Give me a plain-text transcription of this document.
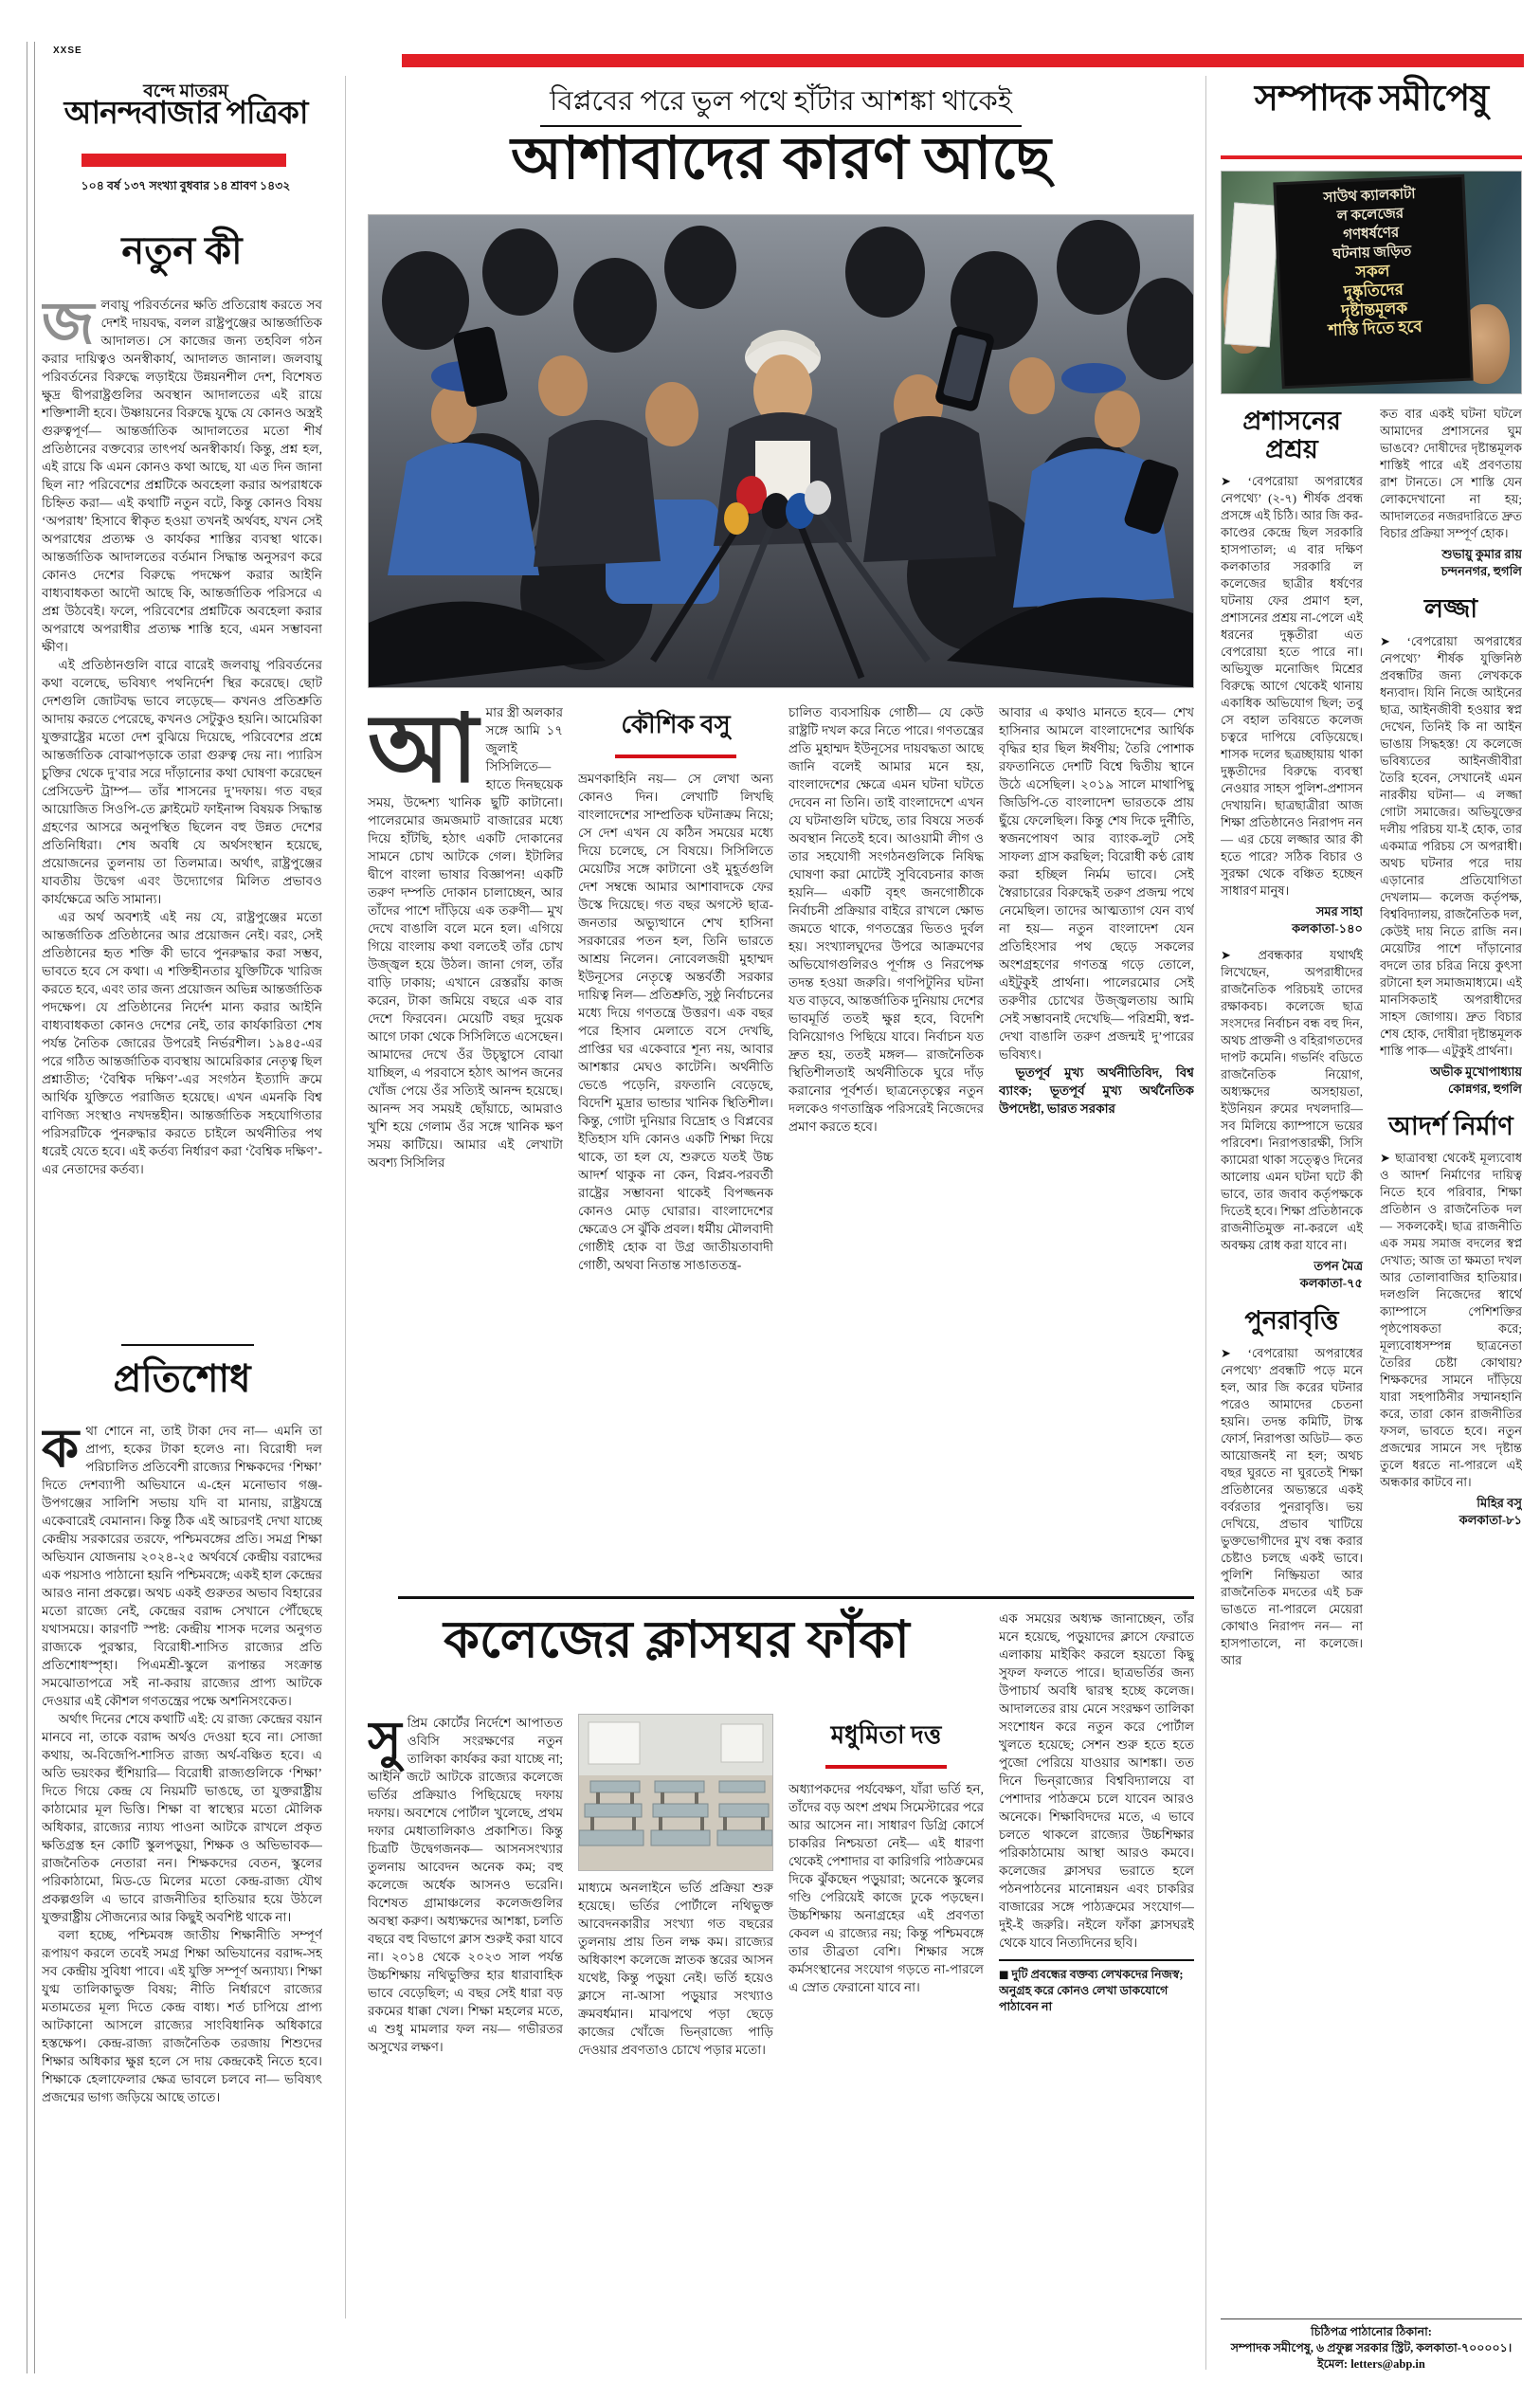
XXSE
বন্দে মাতরম্
আনন্দবাজার পত্রিকা
১০৪ বর্ষ ১৩৭ সংখ্যা বুধবার ১৪ শ্রাবণ ১৪৩২
নতুন কী

জলবায়ু পরিবর্তনের ক্ষতি প্রতিরোধ করতে সব দেশই দায়বদ্ধ, বলল রাষ্ট্রপুঞ্জের আন্তর্জাতিক আদালত। সে কাজের জন্য তহবিল গঠন করার দায়িত্বও অনস্বীকার্য, আদালত জানাল। জলবায়ু পরিবর্তনের বিরুদ্ধে লড়াইয়ে উন্নয়নশীল দেশ, বিশেষত ক্ষুদ্র দ্বীপরাষ্ট্রগুলির অবস্থান আদালতের এই রায়ে শক্তিশালী হবে। উষ্ণায়নের বিরুদ্ধে যুদ্ধে যে কোনও অস্ত্রই গুরুত্বপূর্ণ— আন্তর্জাতিক আদালতের মতো শীর্ষ প্রতিষ্ঠানের বক্তব্যের তাৎপর্য অনস্বীকার্য। কিন্তু, প্রশ্ন হল, এই রায়ে কি এমন কোনও কথা আছে, যা এত দিন জানা ছিল না? পরিবেশের প্রশ্নটিকে অবহেলা করার অপরাধকে চিহ্নিত করা— এই কথাটি নতুন বটে, কিন্তু কোনও বিষয় ‘অপরাধ’ হিসাবে স্বীকৃত হওয়া তখনই অর্থবহ, যখন সেই অপরাধের প্রত্যক্ষ ও কার্যকর শাস্তির ব্যবস্থা থাকে। আন্তর্জাতিক আদালতের বর্তমান সিদ্ধান্ত অনুসরণ করে কোনও দেশের বিরুদ্ধে পদক্ষেপ করার আইনি বাধ্যবাধকতা আদৌ আছে কি, আন্তর্জাতিক পরিসরে এ প্রশ্ন উঠবেই। ফলে, পরিবেশের প্রশ্নটিকে অবহেলা করার অপরাধে অপরাধীর প্রত্যক্ষ শাস্তি হবে, এমন সম্ভাবনা ক্ষীণ।

এই প্রতিষ্ঠানগুলি বারে বারেই জলবায়ু পরিবর্তনের কথা বলেছে, ভবিষ্যৎ পথনির্দেশ স্থির করেছে। ছোট দেশগুলি জোটবদ্ধ ভাবে লড়েছে— কখনও প্রতিশ্রুতি আদায় করতে পেরেছে, কখনও সেটুকুও হয়নি। আমেরিকা যুক্তরাষ্ট্রের মতো দেশ বুঝিয়ে দিয়েছে, পরিবেশের প্রশ্নে আন্তর্জাতিক বোঝাপড়াকে তারা গুরুত্ব দেয় না। প্যারিস চুক্তির থেকে দু’বার সরে দাঁড়ানোর কথা ঘোষণা করেছেন প্রেসিডেন্ট ট্রাম্প— তাঁর শাসনের দু’দফায়। গত বছর আয়োজিত সিওপি-তে ক্লাইমেট ফাইনান্স বিষয়ক সিদ্ধান্ত গ্রহণের আসরে অনুপস্থিত ছিলেন বহু উন্নত দেশের প্রতিনিধিরা। শেষ অবধি যে অর্থসংস্থান হয়েছে, প্রয়োজনের তুলনায় তা তিলমাত্র। অর্থাৎ, রাষ্ট্রপুঞ্জের যাবতীয় উদ্বেগ এবং উদ্যোগের মিলিত প্রভাবও কার্যক্ষেত্রে অতি সামান্য।

এর অর্থ অবশ্যই এই নয় যে, রাষ্ট্রপুঞ্জের মতো আন্তর্জাতিক প্রতিষ্ঠানের আর প্রয়োজন নেই। বরং, সেই প্রতিষ্ঠানের হৃত শক্তি কী ভাবে পুনরুদ্ধার করা সম্ভব, ভাবতে হবে সে কথা। এ শক্তিহীনতার যুক্তিটিকে খারিজ করতে হবে, এবং তার জন্য প্রয়োজন অভিন্ন আন্তর্জাতিক পদক্ষেপ। যে প্রতিষ্ঠানের নির্দেশ মান্য করার আইনি বাধ্যবাধকতা কোনও দেশের নেই, তার কার্যকারিতা শেষ পর্যন্ত নৈতিক জোরের উপরেই নির্ভরশীল। ১৯৪৫-এর পরে গঠিত আন্তর্জাতিক ব্যবস্থায় আমেরিকার নেতৃত্ব ছিল প্রশ্নাতীত; ‘বৈশ্বিক দক্ষিণ’-এর সংগঠন ইত্যাদি ক্রমে আর্থিক যুক্তিতে পরাজিত হয়েছে। এখন এমনকি বিশ্ব বাণিজ্য সংস্থাও নখদন্তহীন। আন্তর্জাতিক সহযোগিতার পরিসরটিকে পুনরুদ্ধার করতে চাইলে অর্থনীতির পথ ধরেই যেতে হবে। এই কর্তব্য নির্ধারণ করা ‘বৈশ্বিক দক্ষিণ’-এর নেতাদের কর্তব্য।

প্রতিশোধ

কথা শোনে না, তাই টাকা দেব না— এমনি তা প্রাপ্য, হকের টাকা হলেও না। বিরোধী দল পরিচালিত প্রতিবেশী রাজ্যের শিক্ষকদের ‘শিক্ষা’ দিতে দেশব্যাপী অভিযানে এ-হেন মনোভাব গঞ্জ-উপগঞ্জের সালিশি সভায় যদি বা মানায়, রাষ্ট্রযন্ত্রে একেবারেই বেমানান। কিন্তু ঠিক এই আচরণই দেখা যাচ্ছে কেন্দ্রীয় সরকারের তরফে, পশ্চিমবঙ্গের প্রতি। সমগ্র শিক্ষা অভিযান যোজনায় ২০২৪-২৫ অর্থবর্ষে কেন্দ্রীয় বরাদ্দের এক পয়সাও পাঠানো হয়নি পশ্চিমবঙ্গে; একই হাল কেন্দ্রের আরও নানা প্রকল্পে। অথচ একই গুরুতর অভাব বিহারের মতো রাজ্যে নেই, কেন্দ্রের বরাদ্দ সেখানে পৌঁছেছে যথাসময়ে। কারণটি স্পষ্ট: কেন্দ্রীয় শাসক দলের অনুগত রাজ্যকে পুরস্কার, বিরোধী-শাসিত রাজ্যের প্রতি প্রতিশোধস্পৃহা। পিএমশ্রী-স্কুলে রূপান্তর সংক্রান্ত সমঝোতাপত্রে সই না-করায় রাজ্যের প্রাপ্য আটকে দেওয়ার এই কৌশল গণতন্ত্রের পক্ষে অশনিসংকেত।

অর্থাৎ দিনের শেষে কথাটি এই: যে রাজ্য কেন্দ্রের বয়ান মানবে না, তাকে বরাদ্দ অর্থও দেওয়া হবে না। সোজা কথায়, অ-বিজেপি-শাসিত রাজ্য অর্থ-বঞ্চিত হবে। এ অতি ভয়ংকর হুঁশিয়ারি— বিরোধী রাজ্যগুলিকে ‘শিক্ষা’ দিতে গিয়ে কেন্দ্র যে নিয়মটি ভাঙছে, তা যুক্তরাষ্ট্রীয় কাঠামোর মূল ভিত্তি। শিক্ষা বা স্বাস্থ্যের মতো মৌলিক অধিকার, রাজ্যের ন্যায্য পাওনা আটকে রাখলে প্রকৃত ক্ষতিগ্রস্ত হন কোটি স্কুলপড়ুয়া, শিক্ষক ও অভিভাবক— রাজনৈতিক নেতারা নন। শিক্ষকদের বেতন, স্কুলের পরিকাঠামো, মিড-ডে মিলের মতো কেন্দ্র-রাজ্য যৌথ প্রকল্পগুলি এ ভাবে রাজনীতির হাতিয়ার হয়ে উঠলে যুক্তরাষ্ট্রীয় সৌজন্যের আর কিছুই অবশিষ্ট থাকে না।

বলা হচ্ছে, পশ্চিমবঙ্গ জাতীয় শিক্ষানীতি সম্পূর্ণ রূপায়ণ করলে তবেই সমগ্র শিক্ষা অভিযানের বরাদ্দ-সহ সব কেন্দ্রীয় সুবিধা পাবে। এই যুক্তি সম্পূর্ণ অন্যায্য। শিক্ষা যুগ্ম তালিকাভুক্ত বিষয়; নীতি নির্ধারণে রাজ্যের মতামতের মূল্য দিতে কেন্দ্র বাধ্য। শর্ত চাপিয়ে প্রাপ্য আটকানো আসলে রাজ্যের সাংবিধানিক অধিকারে হস্তক্ষেপ। কেন্দ্র-রাজ্য রাজনৈতিক তরজায় শিশুদের শিক্ষার অধিকার ক্ষুণ্ণ হলে সে দায় কেন্দ্রকেই নিতে হবে। শিক্ষাকে হেলাফেলার ক্ষেত্র ভাবলে চলবে না— ভবিষ্যৎ প্রজন্মের ভাগ্য জড়িয়ে আছে তাতে।

বিপ্লবের পরে ভুল পথে হাঁটার আশঙ্কা থাকেই
আশাবাদের কারণ আছে

আমার স্ত্রী অলকার সঙ্গে আমি ১৭ জুলাই সিসিলিতে— হাতে দিনছয়েক সময়, উদ্দেশ্য খানিক ছুটি কাটানো। পালেরমোর জমজমাট বাজারের মধ্যে দিয়ে হাঁটছি, হঠাৎ একটি দোকানের সামনে চোখ আটকে গেল। ইটালির দ্বীপে বাংলা ভাষার বিজ্ঞাপন! একটি তরুণ দম্পতি দোকান চালাচ্ছেন, আর তাঁদের পাশে দাঁড়িয়ে এক তরুণী— মুখ দেখে বাঙালি বলে মনে হল। এগিয়ে গিয়ে বাংলায় কথা বলতেই তাঁর চোখ উজ্জ্বল হয়ে উঠল। জানা গেল, তাঁর বাড়ি ঢাকায়; এখানে রেস্তরাঁয় কাজ করেন, টাকা জমিয়ে বছরে এক বার দেশে ফিরবেন। মেয়েটি বছর দুয়েক আগে ঢাকা থেকে সিসিলিতে এসেছেন। আমাদ‌ের দেখে ওঁর উচ্ছ্বাসে বোঝা যাচ্ছিল, এ পরবাসে হঠাৎ আপন জনের খোঁজ পেয়ে ওঁর সত্যিই আনন্দ হয়েছে। আনন্দ সব সময়ই ছোঁয়াচে, আমরাও খুশি হয়ে গেলাম ওঁর সঙ্গে খানিক ক্ষণ সময় কাটিয়ে। আমার এই লেখাটা অবশ্য সিসিলির

কৌশিক বসু

ভ্রমণকাহিনি নয়— সে লেখা অন্য কোনও দিন। লেখাটি লিখছি বাংলাদেশের সাম্প্রতিক ঘটনাক্রম নিয়ে; সে দেশ এখন যে কঠিন সময়ের মধ্যে দিয়ে চলেছে, সে বিষয়ে। সিসিলিতে মেয়েটির সঙ্গে কাটানো ওই মুহূর্তগুলি দেশ সম্বন্ধে আমার আশাবাদকে ফের উস্কে দিয়েছে। গত বছর অগস্টে ছাত্র-জনতার অভ্যুত্থানে শেখ হাসিনা সরকারের পতন হল, তিনি ভারতে আশ্রয় নিলেন। নোবেলজয়ী মুহাম্মদ ইউনূসের নেতৃত্বে অন্তর্বর্তী সরকার দায়িত্ব নিল— প্রতিশ্রুতি, সুষ্ঠু নির্বাচনের মধ্যে দিয়ে গণতন্ত্রে উত্তরণ। এক বছর পরে হিসাব মেলাতে বসে দেখছি, প্রাপ্তির ঘর একেবারে শূন্য নয়, আবার আশঙ্কার মেঘও কাটেনি। অর্থনীতি ভেঙে পড়েনি, রফতানি বেড়েছে, বিদেশি মুদ্রার ভান্ডার খানিক স্থিতিশীল। কিন্তু, গোটা দুনিয়ার বিদ্রোহ ও বিপ্লবের ইতিহাস যদি কোনও একটি শিক্ষা দিয়ে থাকে, তা হল যে, শুরুতে যতই উচ্চ আদর্শ থাকুক না কেন, বিপ্লব-পরবর্তী রাষ্ট্রের সম্ভাবনা থাকেই বিপজ্জনক কোনও মোড় ঘোরার। বাংলাদেশের ক্ষেত্রেও সে ঝুঁকি প্রবল। ধর্মীয় মৌলবাদী গোষ্ঠীই হোক বা উগ্র জাতীয়তাবাদী গোষ্ঠী, অথবা নিতান্ত সাঙাততন্ত্র-

চালিত ব্যবসায়িক গোষ্ঠী— যে কেউ রাষ্ট্রটি দখল করে নিতে পারে। গণতন্ত্রের প্রতি মুহাম্মদ ইউনূসের দায়বদ্ধতা আছে জানি বলেই আমার মনে হয়, বাংলাদেশের ক্ষেত্রে এমন ঘটনা ঘটতে দেবেন না তিনি। তাই বাংলাদেশে এখন যে ঘটনাগুলি ঘটছে, তার বিষয়ে সতর্ক অবস্থান নিতেই হবে। আওয়ামী লীগ ও তার সহযোগী সংগঠনগুলিকে নিষিদ্ধ ঘোষণা করা মোটেই সুবিবেচনার কাজ হয়নি— একটি বৃহৎ জনগোষ্ঠীকে নির্বাচনী প্রক্রিয়ার বাইরে রাখলে ক্ষোভ জমতে থাকে, গণতন্ত্রের ভিতও দুর্বল হয়। সংখ্যালঘুদের উপরে আক্রমণের অভিযোগগুলিরও পূর্ণাঙ্গ ও নিরপেক্ষ তদন্ত হওয়া জরুরি। গণপিটুনির ঘটনা যত বাড়বে, আন্তর্জাতিক দুনিয়ায় দেশের ভাবমূর্তি ততই ক্ষুণ্ণ হবে, বিদেশি বিনিয়োগও পিছিয়ে যাবে। নির্বাচন যত দ্রুত হয়, ততই মঙ্গল— রাজনৈতিক স্থিতিশীলতাই অর্থনীতিকে ঘুরে দাঁড় করানোর পূর্বশর্ত। ছাত্রনেতৃত্বের নতুন দলকেও গণতান্ত্রিক পরিসরেই নিজেদের প্রমাণ করতে হবে।

আবার এ কথাও মানতে হবে— শেখ হাসিনার আমলে বাংলাদেশের আর্থিক বৃদ্ধির হার ছিল ঈর্ষণীয়; তৈরি পোশাক রফতানিতে দেশটি বিশ্বে দ্বিতীয় স্থানে উঠে এসেছিল। ২০১৯ সালে মাথাপিছু জিডিপি-তে বাংলাদেশ ভারতকে প্রায় ছুঁয়ে ফেলেছিল। কিন্তু শেষ দিকে দুর্নীতি, স্বজনপোষণ আর ব্যাংক-লুট সেই সাফল্য গ্রাস করছিল; বিরোধী কণ্ঠ রোধ করা হচ্ছিল নির্মম ভাবে। সেই স্বৈরাচারের বিরুদ্ধেই তরুণ প্রজন্ম পথে নেমেছিল। তাদের আত্মত্যাগ যেন ব্যর্থ না হয়— নতুন বাংলাদেশ যেন প্রতিহিংসার পথ ছেড়ে সকলের অংশগ্রহণের গণতন্ত্র গড়ে তোলে, এইটুকুই প্রার্থনা। পালেরমোর সেই তরুণীর চোখের উজ্জ্বলতায় আমি সেই সম্ভাবনাই দেখেছি— পরিশ্রমী, স্বপ্ন-দেখা বাঙালি তরুণ প্রজন্মই দু’পারের ভবিষ্যৎ।

ভূতপূর্ব মুখ্য অর্থনীতিবিদ, বিশ্ব ব্যাংক; ভূতপূর্ব মুখ্য অর্থনৈতিক উপদেষ্টা, ভারত সরকার

কলেজের ক্লাসঘর ফাঁকা

সুপ্রিম কোর্টের নির্দেশে আপাতত ওবিসি সংরক্ষণের নতুন তালিকা কার্যকর করা যাচ্ছে না; আইনি জটে আটকে রাজ্যের কলেজে ভর্তির প্রক্রিয়াও পিছিয়েছে দফায় দফায়। অবশেষে পোর্টাল খুলেছে, প্রথম দফার মেধাতালিকাও প্রকাশিত। কিন্তু চিত্রটি উদ্বেগজনক— আসনসংখ্যার তুলনায় আবেদন অনেক কম; বহু কলেজে অর্ধেক আসনও ভরেনি। বিশেষত গ্রামাঞ্চলের কলেজগুলির অবস্থা করুণ। অধ্যক্ষদের আশঙ্কা, চলতি বছরে বহু বিভাগে ক্লাস শুরুই করা যাবে না। ২০১৪ থেকে ২০২৩ সাল পর্যন্ত উচ্চশিক্ষায় নথিভুক্তির হার ধারাবাহিক ভাবে বেড়েছিল; এ বছর সেই ধারা বড় রকমের ধাক্কা খেল। শিক্ষা মহলের মতে, এ শুধু মামলার ফল নয়— গভীরতর অসুখের লক্ষণ।

মাধ্যমে অনলাইনে ভর্তি প্রক্রিয়া শুরু হয়েছে। ভর্তির পোর্টালে নথিভুক্ত আবেদনকারীর সংখ্যা গত বছরের তুলনায় প্রায় তিন লক্ষ কম। রাজ্যের অধিকাংশ কলেজে স্নাতক স্তরের আসন যথেষ্ট, কিন্তু পড়ুয়া নেই। ভর্তি হয়েও ক্লাসে না-আসা পড়ুয়ার সংখ্যাও ক্রমবর্ধমান। মাঝপথে পড়া ছেড়ে কাজের খোঁজে ভিন্‌রাজ্যে পাড়ি দেওয়ার প্রবণতাও চোখে পড়ার মতো।

মধুমিতা দত্ত

অধ্যাপকদের পর্যবেক্ষণ, যাঁরা ভর্তি হন, তাঁদের বড় অংশ প্রথম সিমেস্টারের পরে আর আসেন না। সাধারণ ডিগ্রি কোর্সে চাকরির নিশ্চয়তা নেই— এই ধারণা থেকেই পেশাদার বা কারিগরি পাঠক্রমের দিকে ঝুঁকছেন পড়ুয়ারা; অনেকে স্কুলের গণ্ডি পেরিয়েই কাজে ঢুকে পড়ছেন। উচ্চশিক্ষায় অনাগ্রহের এই প্রবণতা কেবল এ রাজ্যের নয়; কিন্তু পশ্চিমবঙ্গে তার তীব্রতা বেশি। শিক্ষার সঙ্গে কর্মসংস্থানের সংযোগ গড়তে না-পারলে এ স্রোত ফেরানো যাবে না।

এক সময়ের অধ্যক্ষ জানাচ্ছেন, তাঁর মনে হয়েছে, পড়ুয়াদের ক্লাসে ফেরাতে এলাকায় মাইকিং করলে হয়তো কিছু সুফল ফলতে পারে। ছাত্রভর্তির জন্য উপাচার্য অবধি দ্বারস্থ হচ্ছে কলেজ। আদালতের রায় মেনে সংরক্ষণ তালিকা সংশোধন করে নতুন করে পোর্টাল খুলতে হয়েছে; সেশন শুরু হতে হতে পুজো পেরিয়ে যাওয়ার আশঙ্কা। তত দিনে ভিন্‌রাজ্যের বিশ্ববিদ্যালয়ে বা পেশাদার পাঠক্রমে চলে যাবেন আরও অনেকে। শিক্ষাবিদদের মতে, এ ভাবে চলতে থাকলে রাজ্যের উচ্চশিক্ষার পরিকাঠামোয় আস্থা আরও কমবে। কলেজের ক্লাসঘর ভরাতে হলে পঠনপাঠনের মানোন্নয়ন এবং চাকরির বাজারের সঙ্গে পাঠ্যক্রমের সংযোগ— দুই-ই জরুরি। নইলে ফাঁকা ক্লাসঘরই থেকে যাবে নিত্যদিনের ছবি।

◼ দুটি প্রবন্ধের বক্তব্য লেখকদের নিজস্ব;
অনুগ্রহ করে কোনও লেখা ডাকযোগে পাঠাবেন না
সম্পাদক সমীপেষু
সাউথ ক্যালকাটা
ল কলেজের
গণধর্ষণের
ঘটনায় জড়িত
সকল
দুষ্কৃতিদের
দৃষ্টান্তমূলক
শাস্তি দিতে হবে
প্রশাসনের প্রশ্রয়

➤ ‘বেপরোয়া অপরাধের নেপথ্যে’ (২-৭) শীর্ষক প্রবন্ধ প্রসঙ্গে এই চিঠি। আর জি কর-কাণ্ডের কেন্দ্রে ছিল সরকারি হাসপাতাল; এ বার দক্ষিণ কলকাতার সরকারি ল কলেজের ছাত্রীর ধর্ষণের ঘটনায় ফের প্রমাণ হল, প্রশাসনের প্রশ্রয় না-পেলে এই ধরনের দুষ্কৃতীরা এত বেপরোয়া হতে পারে না। অভিযুক্ত মনোজিৎ মিশ্রের বিরুদ্ধে আগে থেকেই থানায় একাধিক অভিযোগ ছিল; তবু সে বহাল তবিয়তে কলেজ চত্বরে দাপিয়ে বেড়িয়েছে। শাসক দলের ছত্রচ্ছায়ায় থাকা দুষ্কৃতীদের বিরুদ্ধে ব্যবস্থা নেওয়ার সাহস পুলিশ-প্রশাসন দেখায়নি। ছাত্রছাত্রীরা আজ শিক্ষা প্রতিষ্ঠানেও নিরাপদ নন— এর চেয়ে লজ্জার আর কী হতে পারে? সঠিক বিচার ও সুরক্ষা থেকে বঞ্চিত হচ্ছেন সাধারণ মানুষ।

সমর সাহা
কলকাতা-১৪০

➤ প্রবন্ধকার যথার্থই লিখেছেন, অপরাধীদের রাজনৈতিক পরিচয়ই তাদের রক্ষাকবচ। কলেজে ছাত্র সংসদের নির্বাচন বন্ধ বহু দিন, অথচ প্রাক্তনী ও বহিরাগতদের দাপট কমেনি। গভর্নিং বডিতে রাজনৈতিক নিয়োগ, অধ্যক্ষদের অসহায়তা, ইউনিয়ন রুমের দখলদারি— সব মিলিয়ে ক্যাম্পাসে ভয়ের পরিবেশ। নিরাপত্তারক্ষী, সিসি ক্যামেরা থাকা সত্ত্বেও দিনের আলোয় এমন ঘটনা ঘটে কী ভাবে, তার জবাব কর্তৃপক্ষকে দিতেই হবে। শিক্ষা প্রতিষ্ঠানকে রাজনীতিমুক্ত না-করলে এই অবক্ষয় রোধ করা যাবে না।

তপন মৈত্র
কলকাতা-৭৫
পুনরাবৃত্তি

➤ ‘বেপরোয়া অপরাধের নেপথ্যে’ প্রবন্ধটি পড়ে মনে হল, আর জি করের ঘটনার পরেও আমাদের চেতনা হয়নি। তদন্ত কমিটি, টাস্ক ফোর্স, নিরাপত্তা অডিট— কত আয়োজনই না হল; অথচ বছর ঘুরতে না ঘুরতেই শিক্ষা প্রতিষ্ঠানের অভ্যন্তরে একই বর্বরতার পুনরাবৃত্তি। ভয় দেখিয়ে, প্রভাব খাটিয়ে ভুক্তভোগীদের মুখ বন্ধ করার চেষ্টাও চলছে একই ভাবে। পুলিশি নিষ্ক্রিয়তা আর রাজনৈতিক মদতের এই চক্র ভাঙতে না-পারলে মেয়েরা কোথাও নিরাপদ নন— না হাসপাতালে, না কলেজে। আর

কত বার একই ঘটনা ঘটলে আমাদের প্রশাসনের ঘুম ভাঙবে? দোষীদের দৃষ্টান্তমূলক শাস্তিই পারে এই প্রবণতায় রাশ টানতে। সে শাস্তি যেন লোকদেখানো না হয়; আদালতের নজরদারিতে দ্রুত বিচার প্রক্রিয়া সম্পূর্ণ হোক।

শুভায়ু কুমার রায়
চন্দননগর, হুগলি
লজ্জা

➤ ‘বেপরোয়া অপরাধের নেপথ্যে’ শীর্ষক যুক্তিনিষ্ঠ প্রবন্ধটির জন্য লেখককে ধন্যবাদ। যিনি নিজে আইনের ছাত্র, আইনজীবী হওয়ার স্বপ্ন দেখেন, তিনিই কি না আইন ভাঙায় সিদ্ধহস্ত! যে কলেজে ভবিষ্যতের আইনজীবীরা তৈরি হবেন, সেখানেই এমন নারকীয় ঘটনা— এ লজ্জা গোটা সমাজের। অভিযুক্তের দলীয় পরিচয় যা-ই হোক, তার একমাত্র পরিচয় সে অপরাধী। অথচ ঘটনার পরে দায় এড়ানোর প্রতিযোগিতা দেখলাম— কলেজ কর্তৃপক্ষ, বিশ্ববিদ্যালয়, রাজনৈতিক দল, কেউই দায় নিতে রাজি নন। মেয়েটির পাশে দাঁড়ানোর বদলে তার চরিত্র নিয়ে কুৎসা রটানো হল সমাজমাধ্যমে। এই মানসিকতাই অপরাধীদের সাহস জোগায়। দ্রুত বিচার শেষ হোক, দোষীরা দৃষ্টান্তমূলক শাস্তি পাক— এটুকুই প্রার্থনা।

অভীক মুখোপাধ্যায়
কোন্নগর, হুগলি
আদর্শ নির্মাণ

➤ ছাত্রাবস্থা থেকেই মূল্যবোধ ও আদর্শ নির্মাণের দায়িত্ব নিতে হবে পরিবার, শিক্ষা প্রতিষ্ঠান ও রাজনৈতিক দল— সকলকেই। ছাত্র রাজনীতি এক সময় সমাজ বদলের স্বপ্ন দেখাত; আজ তা ক্ষমতা দখল আর তোলাবাজির হাতিয়ার। দলগুলি নিজেদের স্বার্থে ক্যাম্পাসে পেশিশক্তির পৃষ্ঠপোষকতা করে; মূল্যবোধসম্পন্ন ছাত্রনেতা তৈরির চেষ্টা কোথায়? শিক্ষকদের সামনে দাঁড়িয়ে যারা সহপাঠিনীর সম্মানহানি করে, তারা কোন রাজনীতির ফসল, ভাবতে হবে। নতুন প্রজন্মের সামনে সৎ দৃষ্টান্ত তুলে ধরতে না-পারলে এই অন্ধকার কাটবে না।

মিহির বসু
কলকাতা-৮১
চিঠিপত্র পাঠানোর ঠিকানা:
সম্পাদক সমীপেষু, ৬ প্রফুল্ল সরকার স্ট্রিট, কলকাতা-৭০০০০১।
ইমেল: letters@abp.in
